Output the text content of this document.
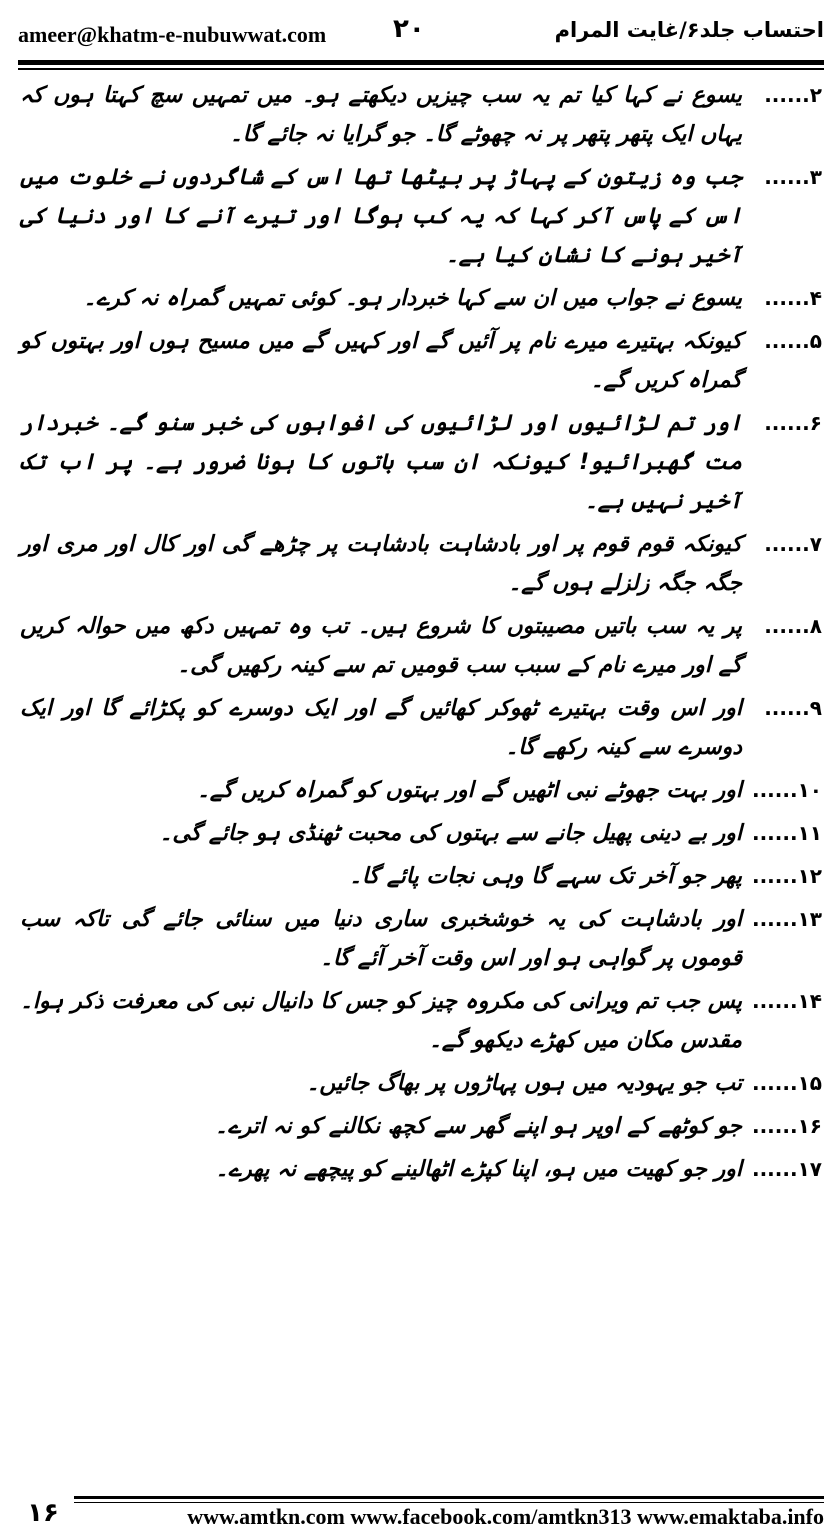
ameer@khatm-e-nubuwwat.com	۲۰	احتساب جلد۶/غایت المرام
۲......
یسوع نے کہا کیا تم یہ سب چیزیں دیکھتے ہو۔ میں تمہیں سچ کہتا ہوں کہ یہاں ایک پتھر پتھر پر نہ چھوٹے گا۔ جو گرایا نہ جائے گا۔
۳......
جب وہ زیتون کے پہاڑ پر بیٹھا تھا اس کے شاگردوں نے خلوت میں اس کے پاس آکر کہا کہ یہ کب ہوگا اور تیرے آنے کا اور دنیا کی آخیر ہونے کا نشان کیا ہے۔
۴......
یسوع نے جواب میں ان سے کہا خبردار ہو۔ کوئی تمہیں گمراہ نہ کرے۔
۵......
کیونکہ بہتیرے میرے نام پر آئیں گے اور کہیں گے میں مسیح ہوں اور بہتوں کو گمراہ کریں گے۔
۶......
اور تم لڑائیوں اور لڑائیوں کی افواہوں کی خبر سنو گے۔ خبردار مت گھبرائیو! کیونکہ ان سب باتوں کا ہونا ضرور ہے۔ پر اب تک آخیر نہیں ہے۔
۷......
کیونکہ قوم قوم پر اور بادشاہت بادشاہت پر چڑھے گی اور کال اور مری اور جگہ جگہ زلزلے ہوں گے۔
۸......
پر یہ سب باتیں مصیبتوں کا شروع ہیں۔ تب وہ تمہیں دکھ میں حوالہ کریں گے اور میرے نام کے سبب سب قومیں تم سے کینہ رکھیں گی۔
۹......
اور اس وقت بہتیرے ٹھوکر کھائیں گے اور ایک دوسرے کو پکڑائے گا اور ایک دوسرے سے کینہ رکھے گا۔
۱۰......
اور بہت جھوٹے نبی اٹھیں گے اور بہتوں کو گمراہ کریں گے۔
۱۱......
اور بے دینی پھیل جانے سے بہتوں کی محبت ٹھنڈی ہو جائے گی۔
۱۲......
پھر جو آخر تک سہے گا وہی نجات پائے گا۔
۱۳......
اور بادشاہت کی یہ خوشخبری ساری دنیا میں سنائی جائے گی تاکہ سب قوموں پر گواہی ہو اور اس وقت آخر آئے گا۔
۱۴......
پس جب تم ویرانی کی مکروہ چیز کو جس کا دانیال نبی کی معرفت ذکر ہوا۔ مقدس مکان میں کھڑے دیکھو گے۔
۱۵......
تب جو یہودیہ میں ہوں پہاڑوں پر بھاگ جائیں۔
۱۶......
جو کوٹھے کے اوپر ہو اپنے گھر سے کچھ نکالنے کو نہ اترے۔
۱۷......
اور جو کھیت میں ہو، اپنا کپڑے اٹھالینے کو پیچھے نہ پھرے۔
۱۶	www.amtkn.com www.facebook.com/amtkn313 www.emaktaba.info
